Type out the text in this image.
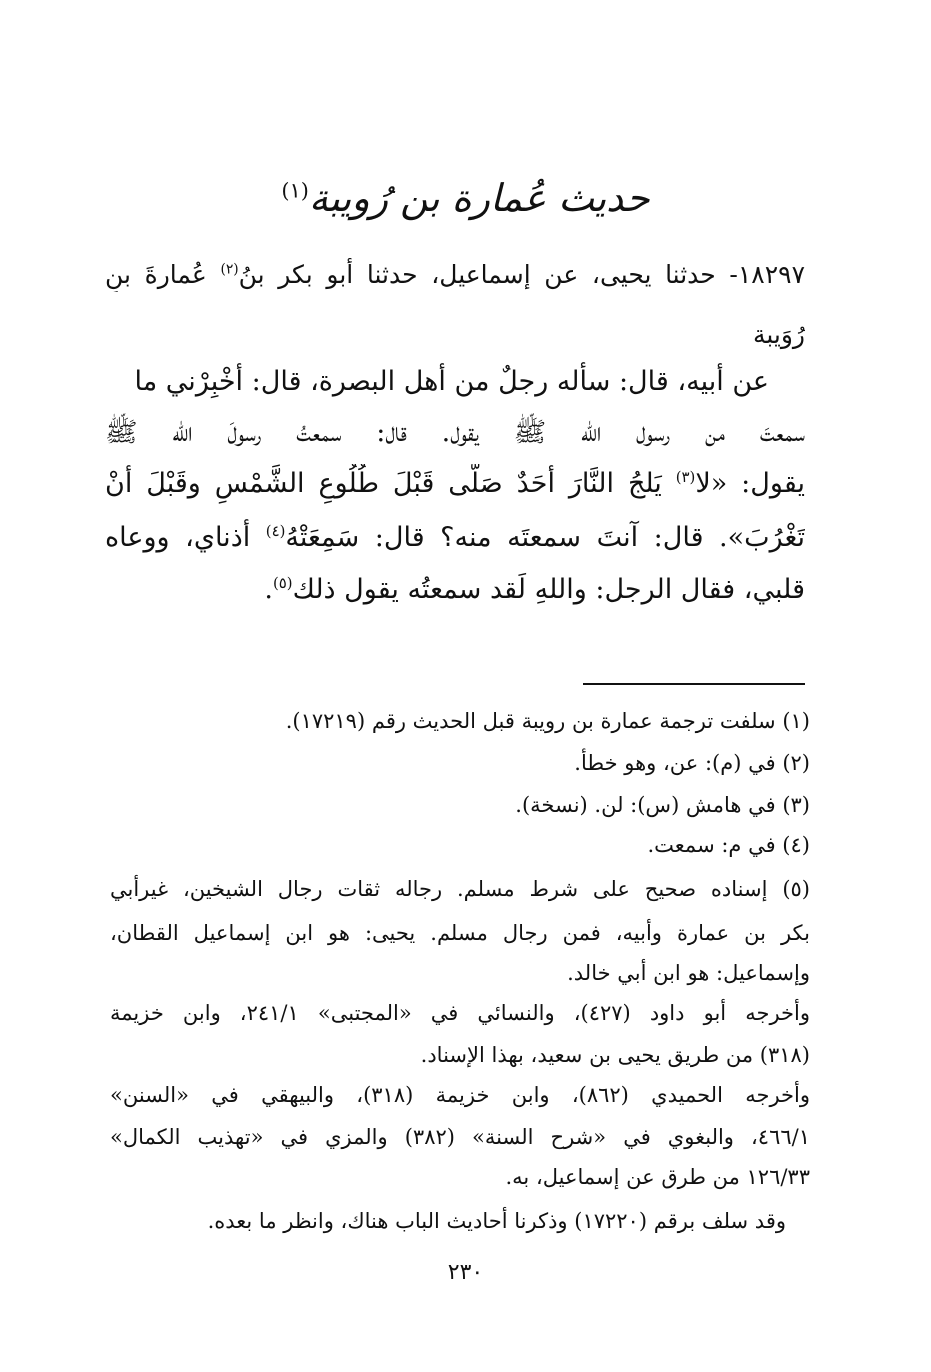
حديث عُمارة بن رُويبة$^{(١)}$
١٨٢٩٧- حدثنا يحيى، عن إسماعيل، حدثنا أبو بكر بنُ$^{(٢)}$ عُمارةَ بنِ
رُوَيبة
عن أبيه، قال: سأله رجلٌ من أهل البصرة، قال: أَخْبِرْني ما
سمعتَ من رسول الله ﷺ يقول. قال: سمعتُ رسولَ الله ﷺ
يقول: «لا$^{(٣)}$ يَلجُ النَّارَ أحَدٌ صَلَّى قَبْلَ طُلُوعِ الشَّمْسِ وقَبْلَ أنْ
تَغْرُبَ». قال: آنتَ سمعتَه منه؟ قال: سَمِعَتْهُ$^{(٤)}$ أذناي، ووعاه
قلبي، فقال الرجل: واللهِ لَقد سمعتُه يقول ذلك$^{(٥)}$.
(١) سلفت ترجمة عمارة بن رويبة قبل الحديث رقم (١٧٢١٩).
(٢) في (م): عن، وهو خطأ.
(٣) في هامش (س): لن. (نسخة).
(٤) في م: سمعت.
(٥) إسناده صحيح على شرط مسلم. رجاله ثقات رجال الشيخين، غيرأبي
بكر بن عمارة وأبيه، فمن رجال مسلم. يحيى: هو ابن إسماعيل القطان،
وإسماعيل: هو ابن أبي خالد.
وأخرجه أبو داود (٤٢٧)، والنسائي في «المجتبى» ٢٤١/١، وابن خزيمة
(٣١٨) من طريق يحيى بن سعيد، بهذا الإسناد.
وأخرجه الحميدي (٨٦٢)، وابن خزيمة (٣١٨)، والبيهقي في «السنن»
٤٦٦/١، والبغوي في «شرح السنة» (٣٨٢) والمزي في «تهذيب الكمال»
١٢٦/٣٣ من طرق عن إسماعيل، به.
وقد سلف برقم (١٧٢٢٠) وذكرنا أحاديث الباب هناك، وانظر ما بعده.
٢٣٠
